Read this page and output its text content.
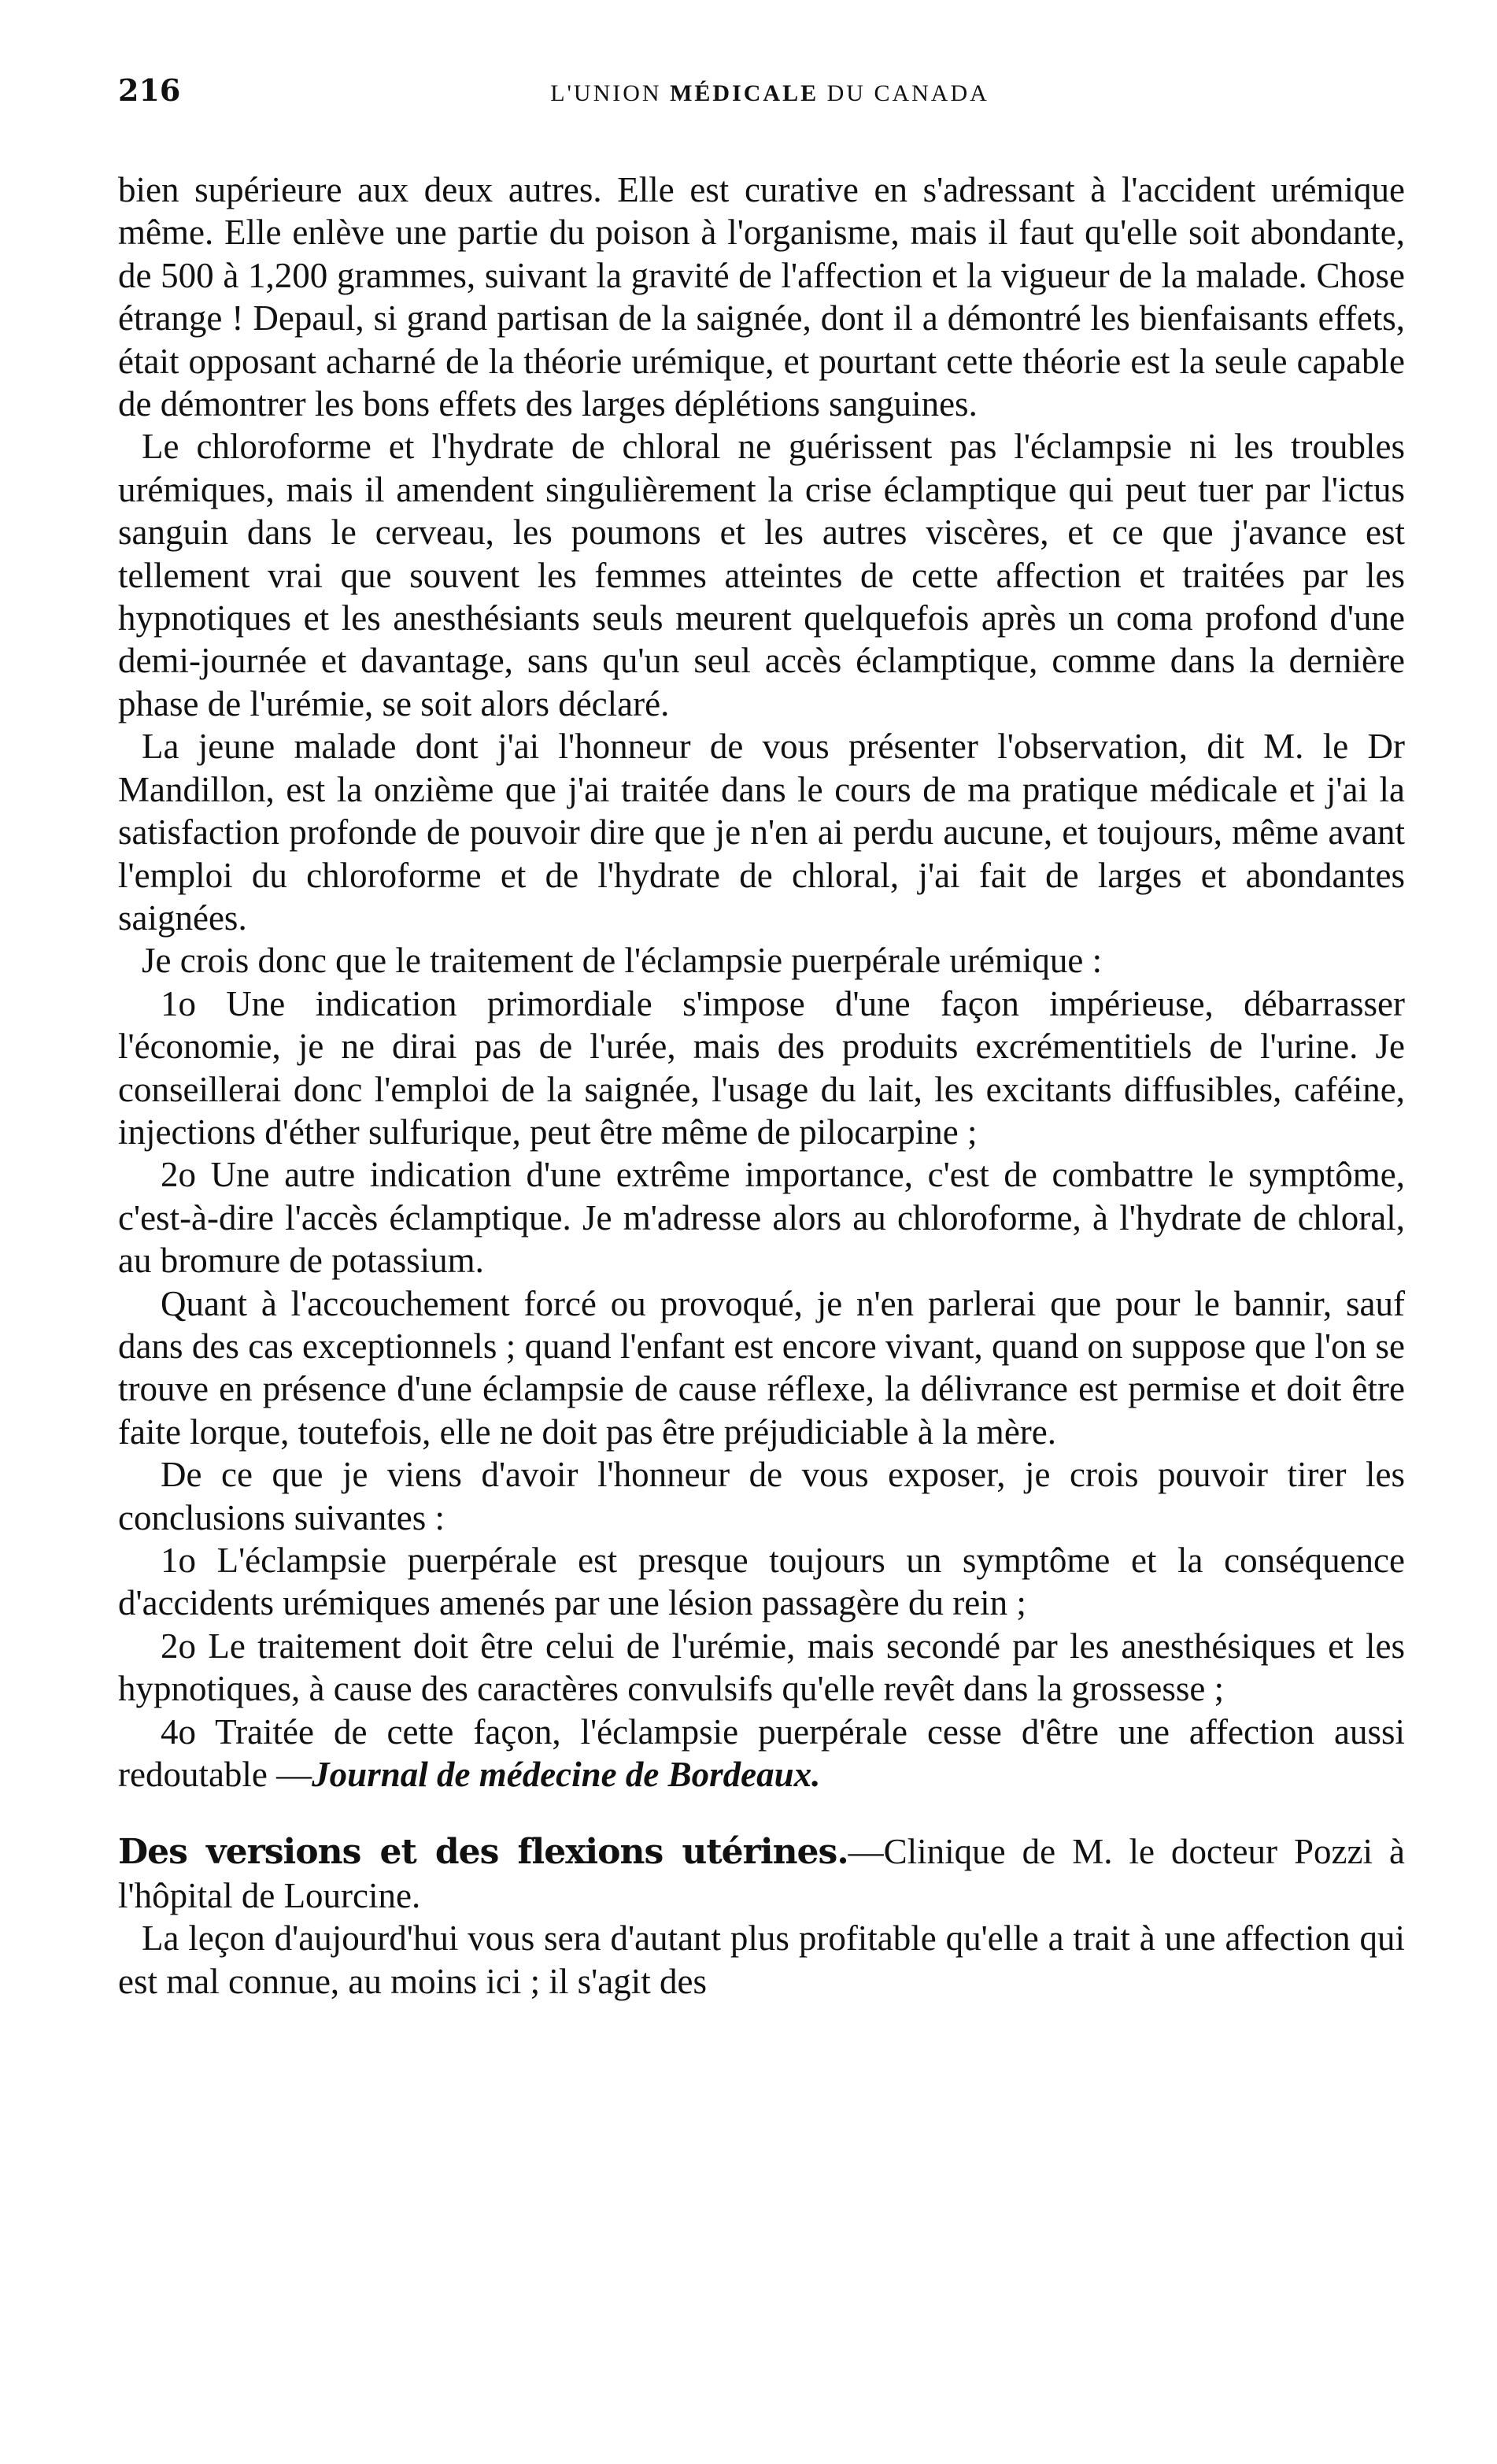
216	L'UNION MÉDICALE DU CANADA

bien supérieure aux deux autres. Elle est curative en s'adressant à l'accident urémique même. Elle enlève une partie du poison à l'organisme, mais il faut qu'elle soit abondante, de 500 à 1,200 grammes, suivant la gravité de l'affection et la vigueur de la malade. Chose étrange ! Depaul, si grand partisan de la saignée, dont il a démontré les bienfaisants effets, était opposant acharné de la théorie urémique, et pourtant cette théorie est la seule capable de démontrer les bons effets des larges déplétions sanguines.

Le chloroforme et l'hydrate de chloral ne guérissent pas l'éclampsie ni les troubles urémiques, mais il amendent singulièrement la crise éclamptique qui peut tuer par l'ictus sanguin dans le cerveau, les poumons et les autres viscères, et ce que j'avance est tellement vrai que souvent les femmes atteintes de cette affection et traitées par les hypnotiques et les anesthésiants seuls meurent quelquefois après un coma profond d'une demi-journée et davantage, sans qu'un seul accès éclamptique, comme dans la dernière phase de l'urémie, se soit alors déclaré.

La jeune malade dont j'ai l'honneur de vous présenter l'observation, dit M. le Dr Mandillon, est la onzième que j'ai traitée dans le cours de ma pratique médicale et j'ai la satisfaction profonde de pouvoir dire que je n'en ai perdu aucune, et toujours, même avant l'emploi du chloroforme et de l'hydrate de chloral, j'ai fait de larges et abondantes saignées.

Je crois donc que le traitement de l'éclampsie puerpérale urémique :

1o Une indication primordiale s'impose d'une façon impérieuse, débarrasser l'économie, je ne dirai pas de l'urée, mais des produits excrémentitiels de l'urine. Je conseillerai donc l'emploi de la saignée, l'usage du lait, les excitants diffusibles, caféine, injections d'éther sulfurique, peut être même de pilocarpine ;

2o Une autre indication d'une extrême importance, c'est de combattre le symptôme, c'est-à-dire l'accès éclamptique. Je m'adresse alors au chloroforme, à l'hydrate de chloral, au bromure de potassium.

Quant à l'accouchement forcé ou provoqué, je n'en parlerai que pour le bannir, sauf dans des cas exceptionnels ; quand l'enfant est encore vivant, quand on suppose que l'on se trouve en présence d'une éclampsie de cause réflexe, la délivrance est permise et doit être faite lorque, toutefois, elle ne doit pas être préjudiciable à la mère.

De ce que je viens d'avoir l'honneur de vous exposer, je crois pouvoir tirer les conclusions suivantes :

1o L'éclampsie puerpérale est presque toujours un symptôme et la conséquence d'accidents urémiques amenés par une lésion passagère du rein ;

2o Le traitement doit être celui de l'urémie, mais secondé par les anesthésiques et les hypnotiques, à cause des caractères convulsifs qu'elle revêt dans la grossesse ;

4o Traitée de cette façon, l'éclampsie puerpérale cesse d'être une affection aussi redoutable —Journal de médecine de Bordeaux.

Des versions et des flexions utérines.—Clinique de M. le docteur Pozzi à l'hôpital de Lourcine.

La leçon d'aujourd'hui vous sera d'autant plus profitable qu'elle a trait à une affection qui est mal connue, au moins ici ; il s'agit des
